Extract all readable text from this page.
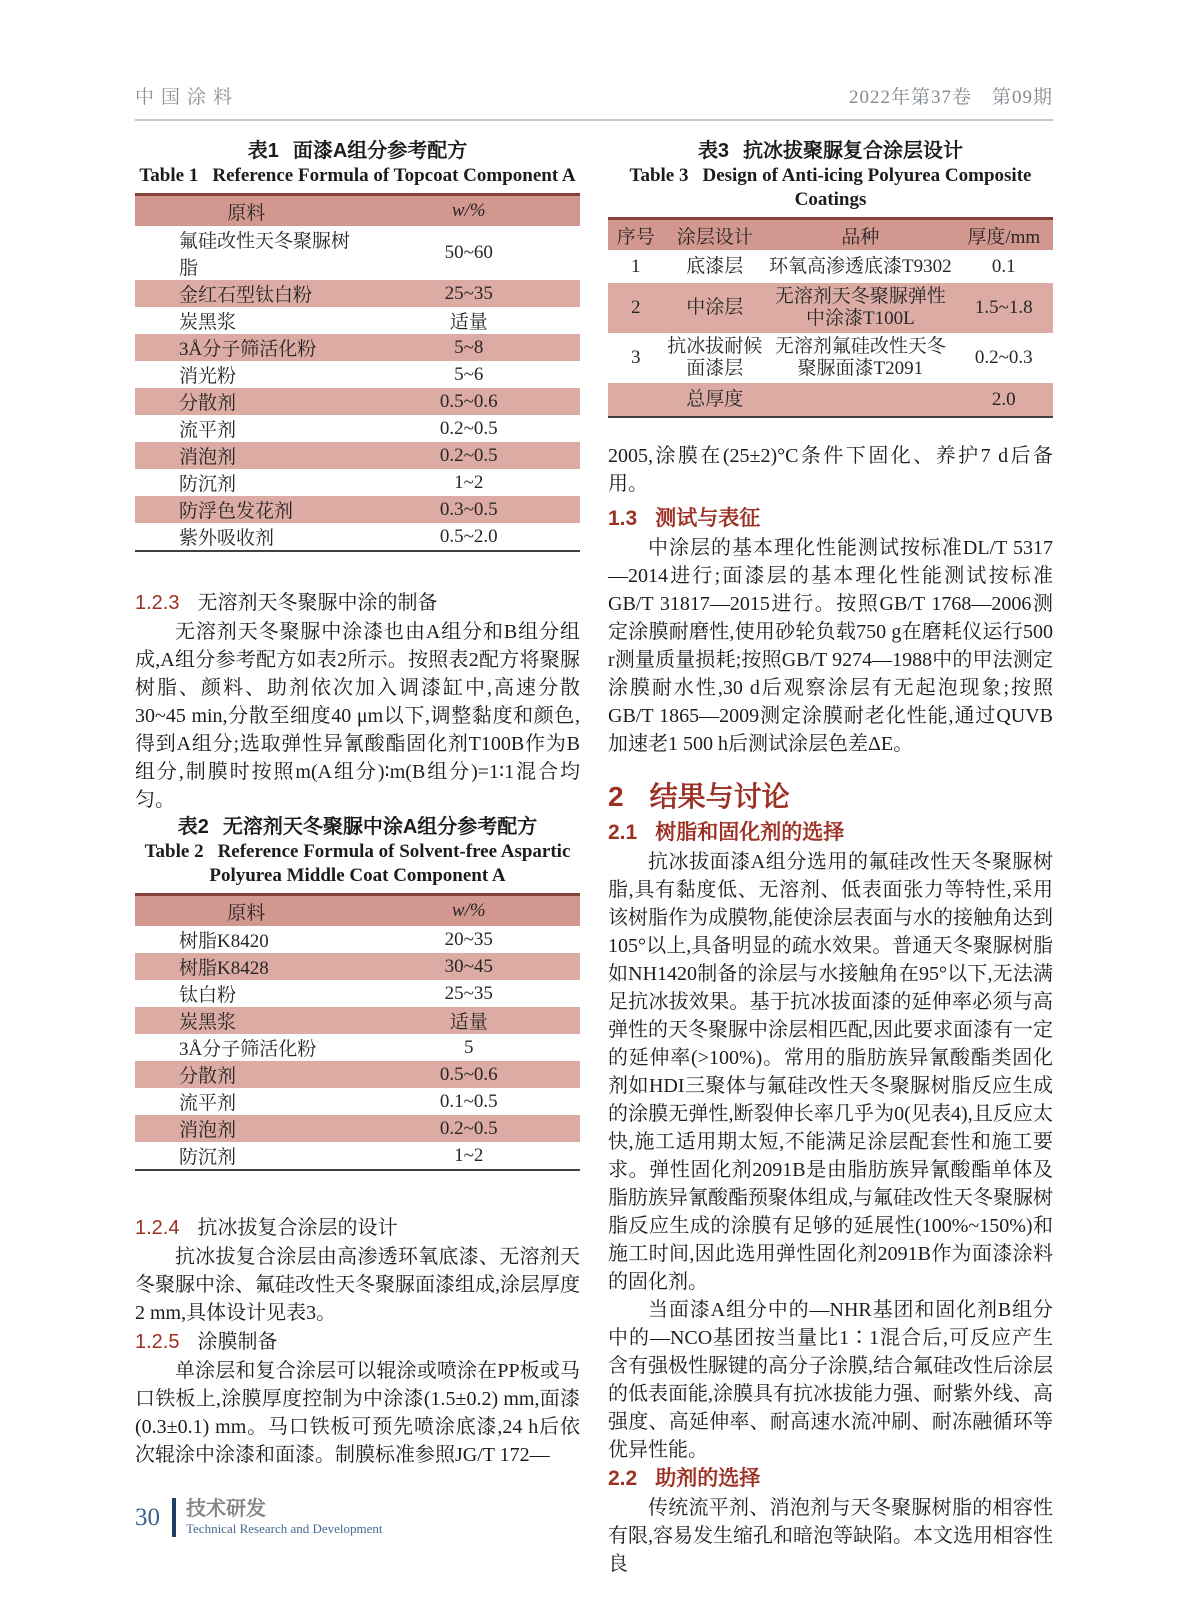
中国涂料	2022年第37卷　第09期
表1 面漆A组分参考配方
Table 1 Reference Formula of Topcoat Component A
原料	w/%
氟硅改性天冬聚脲树脂	50~60
金红石型钛白粉	25~35
炭黑浆	适量
3Å分子筛活化粉	5~8
消光粉	5~6
分散剂	0.5~0.6
流平剂	0.2~0.5
消泡剂	0.2~0.5
防沉剂	1~2
防浮色发花剂	0.3~0.5
紫外吸收剂	0.5~2.0
1.2.3 无溶剂天冬聚脲中涂的制备

无溶剂天冬聚脲中涂漆也由A组分和B组分组成,A组分参考配方如表2所示。按照表2配方将聚脲树脂、颜料、助剂依次加入调漆缸中,高速分散30~45 min,分散至细度40 μm以下,调整黏度和颜色,得到A组分;选取弹性异氰酸酯固化剂T100B作为B组分,制膜时按照m(A组分)∶m(B组分)=1∶1混合均匀。

表2 无溶剂天冬聚脲中涂A组分参考配方
Table 2 Reference Formula of Solvent-free Aspartic Polyurea Middle Coat Component A
原料	w/%
树脂K8420	20~35
树脂K8428	30~45
钛白粉	25~35
炭黑浆	适量
3Å分子筛活化粉	5
分散剂	0.5~0.6
流平剂	0.1~0.5
消泡剂	0.2~0.5
防沉剂	1~2
1.2.4 抗冰拔复合涂层的设计

抗冰拔复合涂层由高渗透环氧底漆、无溶剂天冬聚脲中涂、氟硅改性天冬聚脲面漆组成,涂层厚度2 mm,具体设计见表3。

1.2.5 涂膜制备

单涂层和复合涂层可以辊涂或喷涂在PP板或马口铁板上,涂膜厚度控制为中涂漆(1.5±0.2) mm,面漆(0.3±0.1) mm。马口铁板可预先喷涂底漆,24 h后依次辊涂中涂漆和面漆。制膜标准参照JG/T 172—

表3 抗冰拔聚脲复合涂层设计
Table 3 Design of Anti-icing Polyurea Composite Coatings
序号	涂层设计	品种	厚度/mm
1	底漆层	环氧高渗透底漆T9302	0.1
2	中涂层	无溶剂天冬聚脲弹性中涂漆T100L	1.5~1.8
3	抗冰拔耐候面漆层	无溶剂氟硅改性天冬聚脲面漆T2091	0.2~0.3
	总厚度		2.0

2005,涂膜在(25±2)°C条件下固化、养护7 d后备用。

1.3 测试与表征

中涂层的基本理化性能测试按标准DL/T 5317—2014进行;面漆层的基本理化性能测试按标准GB/T 31817—2015进行。按照GB/T 1768—2006测定涂膜耐磨性,使用砂轮负载750 g在磨耗仪运行500 r测量质量损耗;按照GB/T 9274—1988中的甲法测定涂膜耐水性,30 d后观察涂层有无起泡现象;按照GB/T 1865—2009测定涂膜耐老化性能,通过QUVB加速老1 500 h后测试涂层色差ΔE。

2 结果与讨论
2.1 树脂和固化剂的选择

抗冰拔面漆A组分选用的氟硅改性天冬聚脲树脂,具有黏度低、无溶剂、低表面张力等特性,采用该树脂作为成膜物,能使涂层表面与水的接触角达到105°以上,具备明显的疏水效果。普通天冬聚脲树脂如NH1420制备的涂层与水接触角在95°以下,无法满足抗冰拔效果。基于抗冰拔面漆的延伸率必须与高弹性的天冬聚脲中涂层相匹配,因此要求面漆有一定的延伸率(>100%)。常用的脂肪族异氰酸酯类固化剂如HDI三聚体与氟硅改性天冬聚脲树脂反应生成的涂膜无弹性,断裂伸长率几乎为0(见表4),且反应太快,施工适用期太短,不能满足涂层配套性和施工要求。弹性固化剂2091B是由脂肪族异氰酸酯单体及脂肪族异氰酸酯预聚体组成,与氟硅改性天冬聚脲树脂反应生成的涂膜有足够的延展性(100%~150%)和施工时间,因此选用弹性固化剂2091B作为面漆涂料的固化剂。

当面漆A组分中的—NHR基团和固化剂B组分中的—NCO基团按当量比1∶1混合后,可反应产生含有强极性脲键的高分子涂膜,结合氟硅改性后涂层的低表面能,涂膜具有抗冰拔能力强、耐紫外线、高强度、高延伸率、耐高速水流冲刷、耐冻融循环等优异性能。

2.2 助剂的选择

传统流平剂、消泡剂与天冬聚脲树脂的相容性有限,容易发生缩孔和暗泡等缺陷。本文选用相容性良

30 技术研发
Technical Research and Development
